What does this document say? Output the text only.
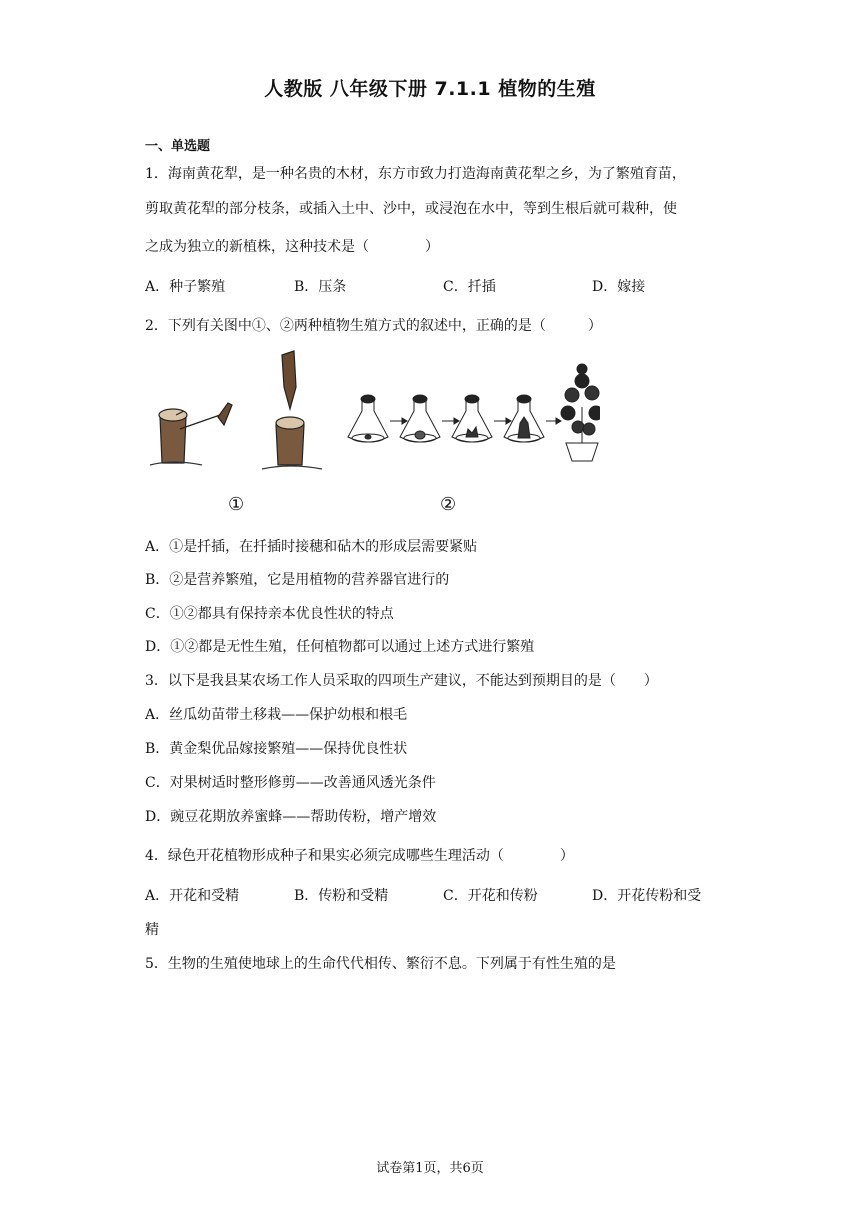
人教版 八年级下册 7.1.1 植物的生殖
一、单选题
1．海南黄花犁，是一种名贵的木材，东方市致力打造海南黄花犁之乡，为了繁殖育苗，
剪取黄花犁的部分枝条，或插入土中、沙中，或浸泡在水中，等到生根后就可栽种，使
之成为独立的新植株，这种技术是（　　　　）
A．种子繁殖	B．压条	C．扦插	D．嫁接
2．下列有关图中①、②两种植物生殖方式的叙述中，正确的是（　　　）
①	②
A．①是扦插，在扦插时接穗和砧木的形成层需要紧贴
B．②是营养繁殖，它是用植物的营养器官进行的
C．①②都具有保持亲本优良性状的特点
D．①②都是无性生殖，任何植物都可以通过上述方式进行繁殖
3．以下是我县某农场工作人员采取的四项生产建议，不能达到预期目的是（　　）
A．丝瓜幼苗带土移栽——保护幼根和根毛
B．黄金梨优品嫁接繁殖——保持优良性状
C．对果树适时整形修剪——改善通风透光条件
D．豌豆花期放养蜜蜂——帮助传粉，增产增效
4．绿色开花植物形成种子和果实必须完成哪些生理活动（　　　　）
A．开花和受精	B．传粉和受精	C．开花和传粉	D．开花传粉和受
精
5．生物的生殖使地球上的生命代代相传、繁衍不息。下列属于有性生殖的是
试卷第1页，共6页
